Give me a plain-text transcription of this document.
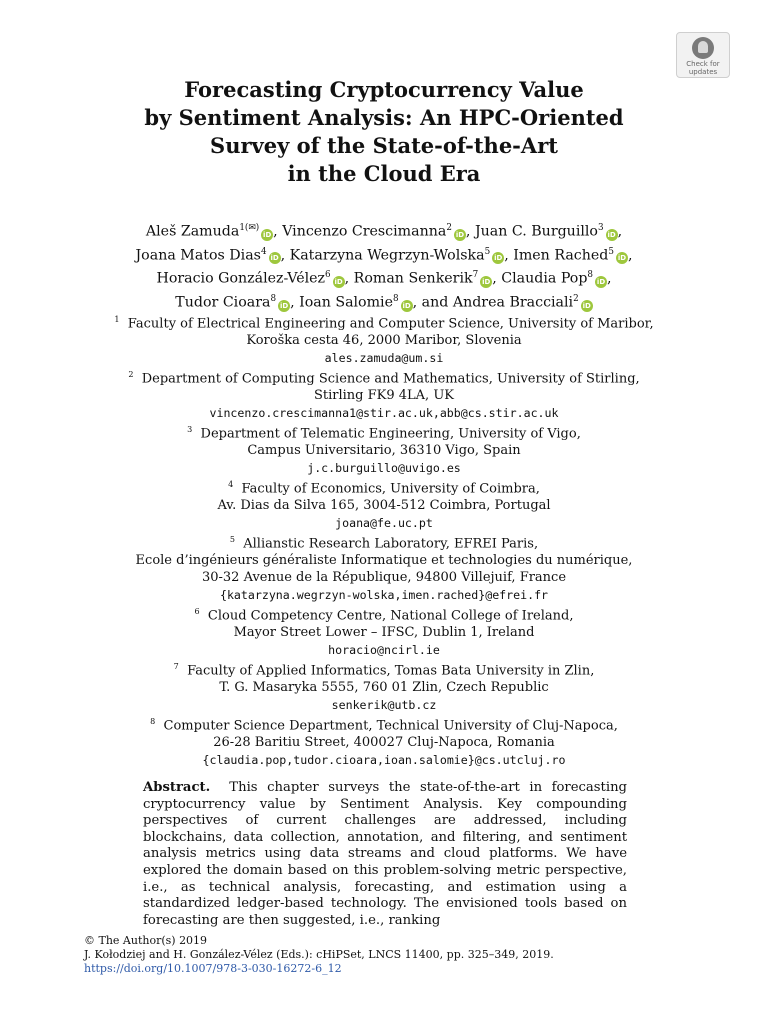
Check for
updates
Forecasting Cryptocurrency Value
by Sentiment Analysis: An HPC-Oriented
Survey of the State-of-the-Art
in the Cloud Era
Aleš Zamuda$^{1(✉)}$iD , Vincenzo Crescimanna$^2$iD , Juan C. Burguillo$^3$iD ,
Joana Matos Dias$^4$iD , Katarzyna Wegrzyn-Wolska$^5$iD , Imen Rached$^5$iD ,
Horacio González-Vélez$^6$iD , Roman Senkerik$^7$iD , Claudia Pop$^8$iD ,
Tudor Cioara$^8$iD , Ioan Salomie$^8$iD , and Andrea Bracciali$^2$iD
$^1$ Faculty of Electrical Engineering and Computer Science, University of Maribor,
Koroška cesta 46, 2000 Maribor, Slovenia
ales.zamuda@um.si
$^2$ Department of Computing Science and Mathematics, University of Stirling,
Stirling FK9 4LA, UK
vincenzo.crescimanna1@stir.ac.uk,abb@cs.stir.ac.uk
$^3$ Department of Telematic Engineering, University of Vigo,
Campus Universitario, 36310 Vigo, Spain
j.c.burguillo@uvigo.es
$^4$ Faculty of Economics, University of Coimbra,
Av. Dias da Silva 165, 3004-512 Coimbra, Portugal
joana@fe.uc.pt
$^5$ Allianstic Research Laboratory, EFREI Paris,
Ecole d’ingénieurs généraliste Informatique et technologies du numérique,
30-32 Avenue de la République, 94800 Villejuif, France
{katarzyna.wegrzyn-wolska,imen.rached}@efrei.fr
$^6$ Cloud Competency Centre, National College of Ireland,
Mayor Street Lower – IFSC, Dublin 1, Ireland
horacio@ncirl.ie
$^7$ Faculty of Applied Informatics, Tomas Bata University in Zlin,
T. G. Masaryka 5555, 760 01 Zlin, Czech Republic
senkerik@utb.cz
$^8$ Computer Science Department, Technical University of Cluj-Napoca,
26-28 Baritiu Street, 400027 Cluj-Napoca, Romania
{claudia.pop,tudor.cioara,ioan.salomie}@cs.utcluj.ro
Abstract. This chapter surveys the state-of-the-art in forecasting cryptocurrency value by Sentiment Analysis. Key compounding perspectives of current challenges are addressed, including blockchains, data collection, annotation, and filtering, and sentiment analysis metrics using data streams and cloud platforms. We have explored the domain based on this problem-solving metric perspective, i.e., as technical analysis, forecasting, and estimation using a standardized ledger-based technology. The envisioned tools based on forecasting are then suggested, i.e., ranking
© The Author(s) 2019
J. Kołodziej and H. González-Vélez (Eds.): cHiPSet, LNCS 11400, pp. 325–349, 2019.
https://doi.org/10.1007/978-3-030-16272-6_12
